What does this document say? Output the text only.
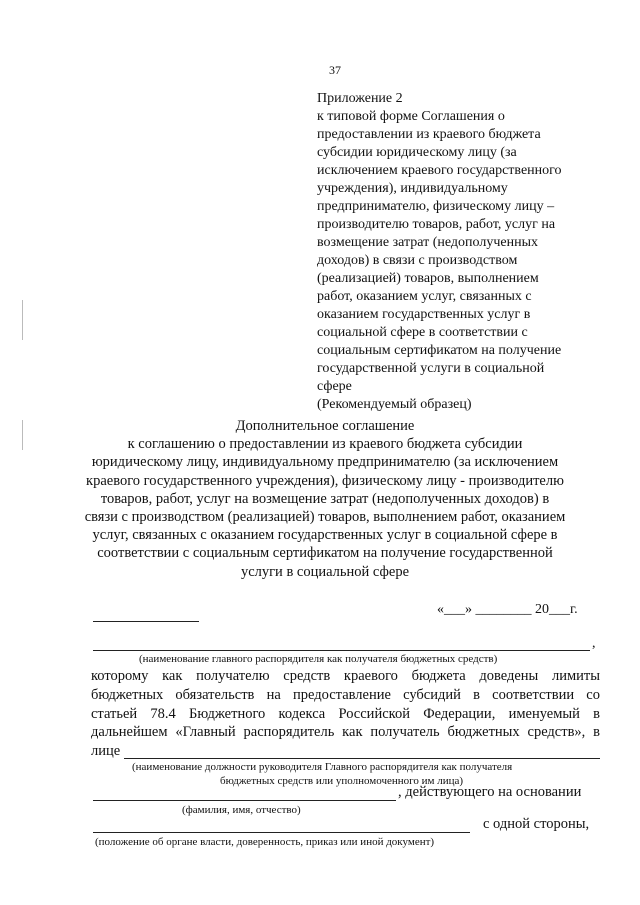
37
Приложение 2
к типовой форме Соглашения о
предоставлении из краевого бюджета
субсидии юридическому лицу (за
исключением краевого государственного
учреждения), индивидуальному
предпринимателю, физическому лицу –
производителю товаров, работ, услуг на
возмещение затрат (недополученных
доходов) в связи с производством
(реализацией) товаров, выполнением
работ, оказанием услуг, связанных с
оказанием государственных услуг в
социальной сфере в соответствии с
социальным сертификатом на получение
государственной услуги в социальной
сфере
(Рекомендуемый образец)
Дополнительное соглашение
к соглашению о предоставлении из краевого бюджета субсидии
юридическому лицу, индивидуальному предпринимателю (за исключением
краевого государственного учреждения), физическому лицу - производителю
товаров, работ, услуг на возмещение затрат (недополученных доходов) в
связи с производством (реализацией) товаров, выполнением работ, оказанием
услуг, связанных с оказанием государственных услуг в социальной сфере в
соответствии с социальным сертификатом на получение государственной
услуги в социальной сфере
«___» ________ 20___г.
,
(наименование главного распорядителя как получателя бюджетных средств)
которому как получателю средств краевого бюджета доведены лимиты
бюджетных обязательств на предоставление субсидий в соответствии со
статьей 78.4 Бюджетного кодекса Российской Федерации, именуемый в
дальнейшем «Главный распорядитель как получатель бюджетных средств», в
лице
(наименование должности руководителя Главного распорядителя как получателя
бюджетных средств или уполномоченного им лица)
, действующего на основании
(фамилия, имя, отчество)
с одной стороны,
(положение об органе власти, доверенность, приказ или иной документ)
